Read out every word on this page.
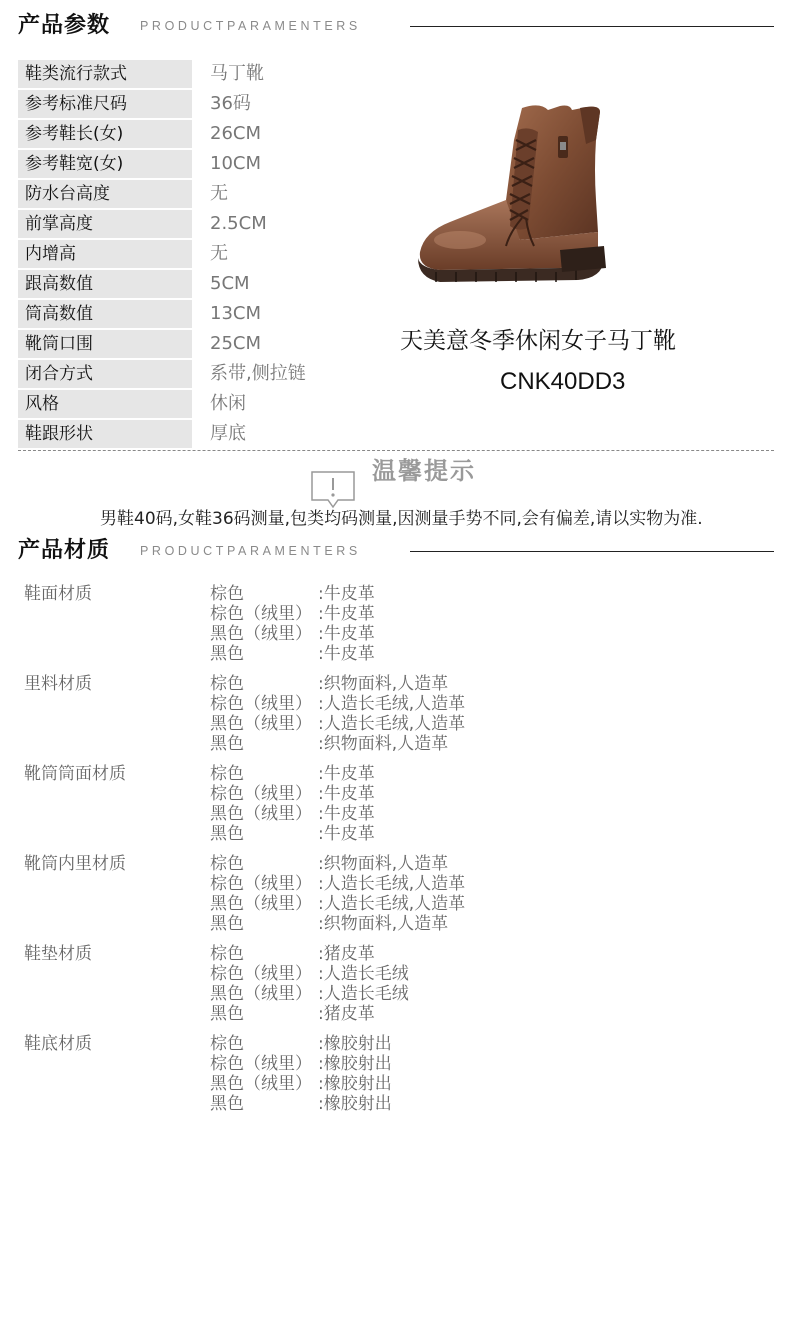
产品参数 PRODUCTPARAMENTERS
鞋类流行款式	马丁靴
参考标准尺码	36码
参考鞋长(女)	26CM
参考鞋宽(女)	10CM
防水台高度	无
前掌高度	2.5CM
内增高	无
跟高数值	5CM
筒高数值	13CM
靴筒口围	25CM
闭合方式	系带,侧拉链
风格	休闲
鞋跟形状	厚底
天美意冬季休闲女子马丁靴
CNK40DD3
温馨提示
男鞋40码,女鞋36码测量,包类均码测量,因测量手势不同,会有偏差,请以实物为准.
产品材质 PRODUCTPARAMENTERS
鞋面材质	棕色	:牛皮革
棕色（绒里） :牛皮革
黑色（绒里） :牛皮革
黑色	:牛皮革
里料材质	棕色	:织物面料,人造革
棕色（绒里） :人造长毛绒,人造革
黑色（绒里） :人造长毛绒,人造革
黑色	:织物面料,人造革
靴筒筒面材质	棕色	:牛皮革
棕色（绒里） :牛皮革
黑色（绒里） :牛皮革
黑色	:牛皮革
靴筒内里材质	棕色	:织物面料,人造革
棕色（绒里） :人造长毛绒,人造革
黑色（绒里） :人造长毛绒,人造革
黑色	:织物面料,人造革
鞋垫材质	棕色	:猪皮革
棕色（绒里） :人造长毛绒
黑色（绒里） :人造长毛绒
黑色	:猪皮革
鞋底材质	棕色	:橡胶射出
棕色（绒里） :橡胶射出
黑色（绒里） :橡胶射出
黑色	:橡胶射出
